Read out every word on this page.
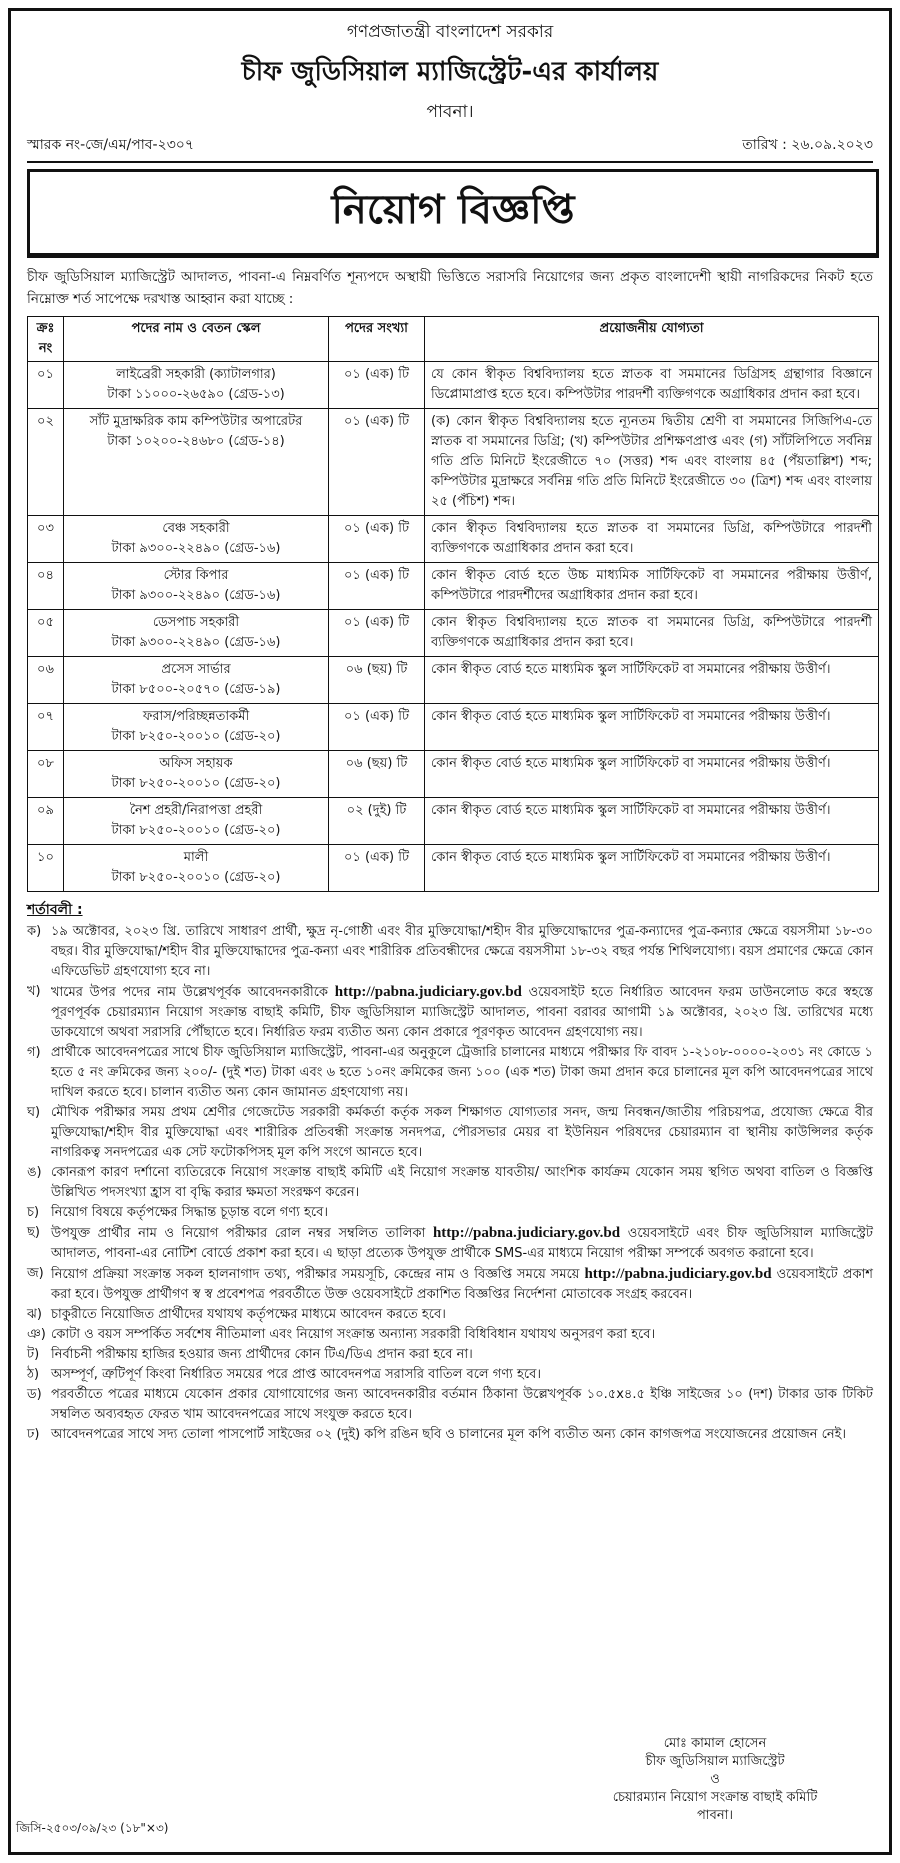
গণপ্রজাতন্ত্রী বাংলাদেশ সরকার
চীফ জুডিসিয়াল ম্যাজিস্ট্রেট-এর কার্যালয়
পাবনা।
স্মারক নং-জে/এম/পাব-২৩০৭	তারিখ : ২৬.০৯.২০২৩
নিয়োগ বিজ্ঞপ্তি
চীফ জুডিসিয়াল ম্যাজিস্ট্রেট আদালত, পাবনা-এ নিম্নবর্ণিত শূন্যপদে অস্থায়ী ভিত্তিতে সরাসরি নিয়োগের জন্য প্রকৃত বাংলাদেশী স্থায়ী নাগরিকদের নিকট হতে নিম্নোক্ত শর্ত সাপেক্ষে দরখাস্ত আহ্বান করা যাচ্ছে :
ক্রঃ নং	পদের নাম ও বেতন স্কেল	পদের সংখ্যা	প্রয়োজনীয় যোগ্যতা
০১	লাইব্রেরী সহকারী (ক্যাটালগার)
টাকা ১১০০০-২৬৫৯০ (গ্রেড-১৩)	০১ (এক) টি	যে কোন স্বীকৃত বিশ্ববিদ্যালয় হতে স্নাতক বা সমমানের ডিগ্রিসহ গ্রন্থাগার বিজ্ঞানে ডিপ্লোমাপ্রাপ্ত হতে হবে। কম্পিউটার পারদর্শী ব্যক্তিগণকে অগ্রাধিকার প্রদান করা হবে।
০২	সাঁট মুদ্রাক্ষরিক কাম কম্পিউটার অপারেটর
টাকা ১০২০০-২৪৬৮০ (গ্রেড-১৪)	০১ (এক) টি	(ক) কোন স্বীকৃত বিশ্ববিদ্যালয় হতে ন্যূনতম দ্বিতীয় শ্রেণী বা সমমানের সিজিপিএ-তে স্নাতক বা সমমানের ডিগ্রি; (খ) কম্পিউটার প্রশিক্ষণপ্রাপ্ত এবং (গ) সাঁটলিপিতে সর্বনিম্ন গতি প্রতি মিনিটে ইংরেজীতে ৭০ (সত্তর) শব্দ এবং বাংলায় ৪৫ (পঁয়তাল্লিশ) শব্দ; কম্পিউটার মুদ্রাক্ষরে সর্বনিম্ন গতি প্রতি মিনিটে ইংরেজীতে ৩০ (ত্রিশ) শব্দ এবং বাংলায় ২৫ (পঁচিশ) শব্দ।
০৩	বেঞ্চ সহকারী
টাকা ৯৩০০-২২৪৯০ (গ্রেড-১৬)	০১ (এক) টি	কোন স্বীকৃত বিশ্ববিদ্যালয় হতে স্নাতক বা সমমানের ডিগ্রি, কম্পিউটারে পারদর্শী ব্যক্তিগণকে অগ্রাধিকার প্রদান করা হবে।
০৪	স্টোর কিপার
টাকা ৯৩০০-২২৪৯০ (গ্রেড-১৬)	০১ (এক) টি	কোন স্বীকৃত বোর্ড হতে উচ্চ মাধ্যমিক সার্টিফিকেট বা সমমানের পরীক্ষায় উত্তীর্ণ, কম্পিউটারে পারদর্শীদের অগ্রাধিকার প্রদান করা হবে।
০৫	ডেসপাচ সহকারী
টাকা ৯৩০০-২২৪৯০ (গ্রেড-১৬)	০১ (এক) টি	কোন স্বীকৃত বিশ্ববিদ্যালয় হতে স্নাতক বা সমমানের ডিগ্রি, কম্পিউটারে পারদর্শী ব্যক্তিগণকে অগ্রাধিকার প্রদান করা হবে।
০৬	প্রসেস সার্ভার
টাকা ৮৫০০-২০৫৭০ (গ্রেড-১৯)	০৬ (ছয়) টি	কোন স্বীকৃত বোর্ড হতে মাধ্যমিক স্কুল সার্টিফিকেট বা সমমানের পরীক্ষায় উত্তীর্ণ।
০৭	ফরাস/পরিচ্ছন্নতাকর্মী
টাকা ৮২৫০-২০০১০ (গ্রেড-২০)	০১ (এক) টি	কোন স্বীকৃত বোর্ড হতে মাধ্যমিক স্কুল সার্টিফিকেট বা সমমানের পরীক্ষায় উত্তীর্ণ।
০৮	অফিস সহায়ক
টাকা ৮২৫০-২০০১০ (গ্রেড-২০)	০৬ (ছয়) টি	কোন স্বীকৃত বোর্ড হতে মাধ্যমিক স্কুল সার্টিফিকেট বা সমমানের পরীক্ষায় উত্তীর্ণ।
০৯	নৈশ প্রহরী/নিরাপত্তা প্রহরী
টাকা ৮২৫০-২০০১০ (গ্রেড-২০)	০২ (দুই) টি	কোন স্বীকৃত বোর্ড হতে মাধ্যমিক স্কুল সার্টিফিকেট বা সমমানের পরীক্ষায় উত্তীর্ণ।
১০	মালী
টাকা ৮২৫০-২০০১০ (গ্রেড-২০)	০১ (এক) টি	কোন স্বীকৃত বোর্ড হতে মাধ্যমিক স্কুল সার্টিফিকেট বা সমমানের পরীক্ষায় উত্তীর্ণ।
শর্তাবলী :
ক) ১৯ অক্টোবর, ২০২৩ খ্রি. তারিখে সাধারণ প্রার্থী, ক্ষুদ্র নৃ-গোষ্ঠী এবং বীর মুক্তিযোদ্ধা/শহীদ বীর মুক্তিযোদ্ধাদের পুত্র-কন্যাদের পুত্র-কন্যার ক্ষেত্রে বয়সসীমা ১৮-৩০ বছর। বীর মুক্তিযোদ্ধা/শহীদ বীর মুক্তিযোদ্ধাদের পুত্র-কন্যা এবং শারীরিক প্রতিবন্ধীদের ক্ষেত্রে বয়সসীমা ১৮-৩২ বছর পর্যন্ত শিথিলযোগ্য। বয়স প্রমাণের ক্ষেত্রে কোন এফিডেভিট গ্রহণযোগ্য হবে না।
খ) খামের উপর পদের নাম উল্লেখপূর্বক আবেদনকারীকে http://pabna.judiciary.gov.bd ওয়েবসাইট হতে নির্ধারিত আবেদন ফরম ডাউনলোড করে স্বহস্তে পূরণপূর্বক চেয়ারম্যান নিয়োগ সংক্রান্ত বাছাই কমিটি, চীফ জুডিসিয়াল ম্যাজিস্ট্রেট আদালত, পাবনা বরাবর আগামী ১৯ অক্টোবর, ২০২৩ খ্রি. তারিখের মধ্যে ডাকযোগে অথবা সরাসরি পৌঁছাতে হবে। নির্ধারিত ফরম ব্যতীত অন্য কোন প্রকারে পূরণকৃত আবেদন গ্রহণযোগ্য নয়।
গ) প্রার্থীকে আবেদনপত্রের সাথে চীফ জুডিসিয়াল ম্যাজিস্ট্রেট, পাবনা-এর অনুকূলে ট্রেজারি চালানের মাধ্যমে পরীক্ষার ফি বাবদ ১-২১০৮-০০০০-২০৩১ নং কোডে ১ হতে ৫ নং ক্রমিকের জন্য ২০০/- (দুই শত) টাকা এবং ৬ হতে ১০নং ক্রমিকের জন্য ১০০ (এক শত) টাকা জমা প্রদান করে চালানের মূল কপি আবেদনপত্রের সাথে দাখিল করতে হবে। চালান ব্যতীত অন্য কোন জামানত গ্রহণযোগ্য নয়।
ঘ) মৌখিক পরীক্ষার সময় প্রথম শ্রেণীর গেজেটেড সরকারী কর্মকর্তা কর্তৃক সকল শিক্ষাগত যোগ্যতার সনদ, জন্ম নিবন্ধন/জাতীয় পরিচয়পত্র, প্রযোজ্য ক্ষেত্রে বীর মুক্তিযোদ্ধা/শহীদ বীর মুক্তিযোদ্ধা এবং শারীরিক প্রতিবন্ধী সংক্রান্ত সনদপত্র, পৌরসভার মেয়র বা ইউনিয়ন পরিষদের চেয়ারম্যান বা স্থানীয় কাউন্সিলর কর্তৃক নাগরিকত্ব সনদপত্রের এক সেট ফটোকপিসহ মূল কপি সংগে আনতে হবে।
ঙ) কোনরূপ কারণ দর্শানো ব্যতিরেকে নিয়োগ সংক্রান্ত বাছাই কমিটি এই নিয়োগ সংক্রান্ত যাবতীয়/ আংশিক কার্যক্রম যেকোন সময় স্থগিত অথবা বাতিল ও বিজ্ঞপ্তি উল্লিখিত পদসংখ্যা হ্রাস বা বৃদ্ধি করার ক্ষমতা সংরক্ষণ করেন।
চ) নিয়োগ বিষয়ে কর্তৃপক্ষের সিদ্ধান্ত চূড়ান্ত বলে গণ্য হবে।
ছ) উপযুক্ত প্রার্থীর নাম ও নিয়োগ পরীক্ষার রোল নম্বর সম্বলিত তালিকা http://pabna.judiciary.gov.bd ওয়েবসাইটে এবং চীফ জুডিসিয়াল ম্যাজিস্ট্রেট আদালত, পাবনা-এর নোটিশ বোর্ডে প্রকাশ করা হবে। এ ছাড়া প্রত্যেক উপযুক্ত প্রার্থীকে SMS-এর মাধ্যমে নিয়োগ পরীক্ষা সম্পর্কে অবগত করানো হবে।
জ) নিয়োগ প্রক্রিয়া সংক্রান্ত সকল হালনাগাদ তথ্য, পরীক্ষার সময়সূচি, কেন্দ্রের নাম ও বিজ্ঞপ্তি সময়ে সময়ে http://pabna.judiciary.gov.bd ওয়েবসাইটে প্রকাশ করা হবে। উপযুক্ত প্রার্থীগণ স্ব স্ব প্রবেশপত্র পরবর্তীতে উক্ত ওয়েবসাইটে প্রকাশিত বিজ্ঞপ্তির নির্দেশনা মোতাবেক সংগ্রহ করবেন।
ঝ) চাকুরীতে নিয়োজিত প্রার্থীদের যথাযথ কর্তৃপক্ষের মাধ্যমে আবেদন করতে হবে।
ঞ) কোটা ও বয়স সম্পর্কিত সর্বশেষ নীতিমালা এবং নিয়োগ সংক্রান্ত অন্যান্য সরকারী বিধিবিধান যথাযথ অনুসরণ করা হবে।
ট) নির্বাচনী পরীক্ষায় হাজির হওয়ার জন্য প্রার্থীদের কোন টিএ/ডিএ প্রদান করা হবে না।
ঠ) অসম্পূর্ণ, ত্রুটিপূর্ণ কিংবা নির্ধারিত সময়ের পরে প্রাপ্ত আবেদনপত্র সরাসরি বাতিল বলে গণ্য হবে।
ড) পরবর্তীতে পত্রের মাধ্যমে যেকোন প্রকার যোগাযোগের জন্য আবেদনকারীর বর্তমান ঠিকানা উল্লেখপূর্বক ১০.৫x৪.৫ ইঞ্চি সাইজের ১০ (দশ) টাকার ডাক টিকিট সম্বলিত অব্যবহৃত ফেরত খাম আবেদনপত্রের সাথে সংযুক্ত করতে হবে।
ঢ) আবেদনপত্রের সাথে সদ্য তোলা পাসপোর্ট সাইজের ০২ (দুই) কপি রঙিন ছবি ও চালানের মূল কপি ব্যতীত অন্য কোন কাগজপত্র সংযোজনের প্রয়োজন নেই।
মোঃ কামাল হোসেন
চীফ জুডিসিয়াল ম্যাজিস্ট্রেট
ও
চেয়ারম্যান নিয়োগ সংক্রান্ত বাছাই কমিটি
পাবনা।
জিসি-২৫০৩/০৯/২৩ (১৮"×৩)
